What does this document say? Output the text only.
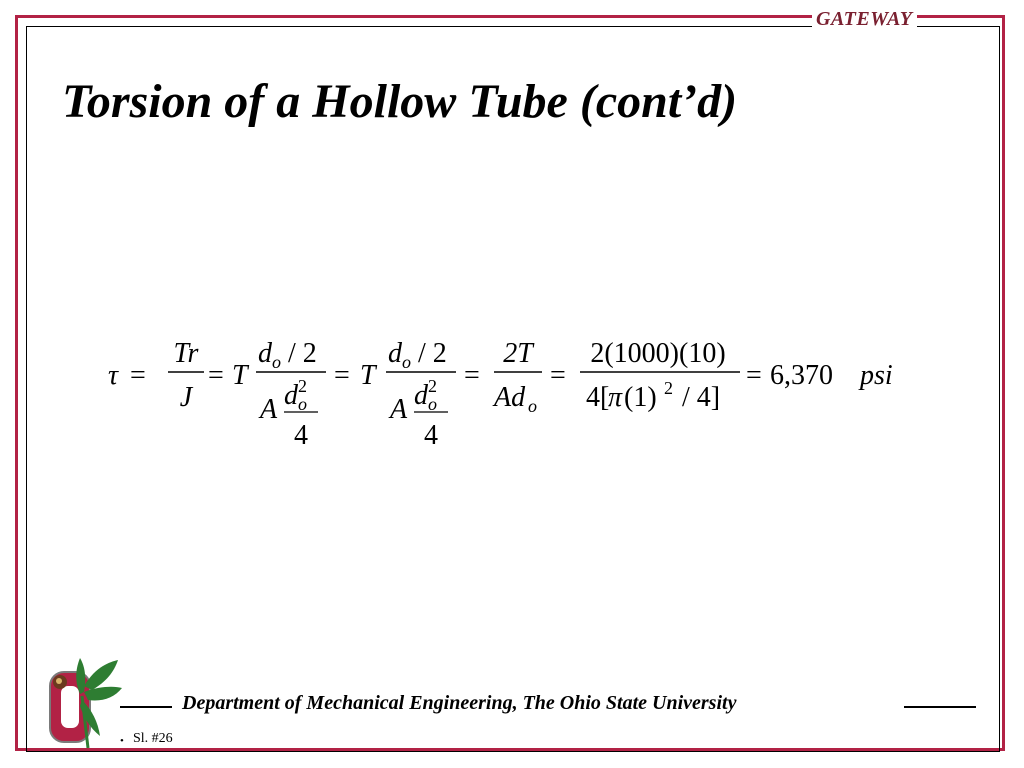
GATEWAY
Torsion of a Hollow Tube (cont’d)
τ =
Tr
J
= T
d o / 2
A d 2
o
4
= T
d o / 2
A d 2
o
4
=
2T
Ad o
=
2(1000)(10)
4[
π (1) 2 / 4]
= 6,370 psi
Department of Mechanical Engineering, The Ohio State University
• Sl. #26
